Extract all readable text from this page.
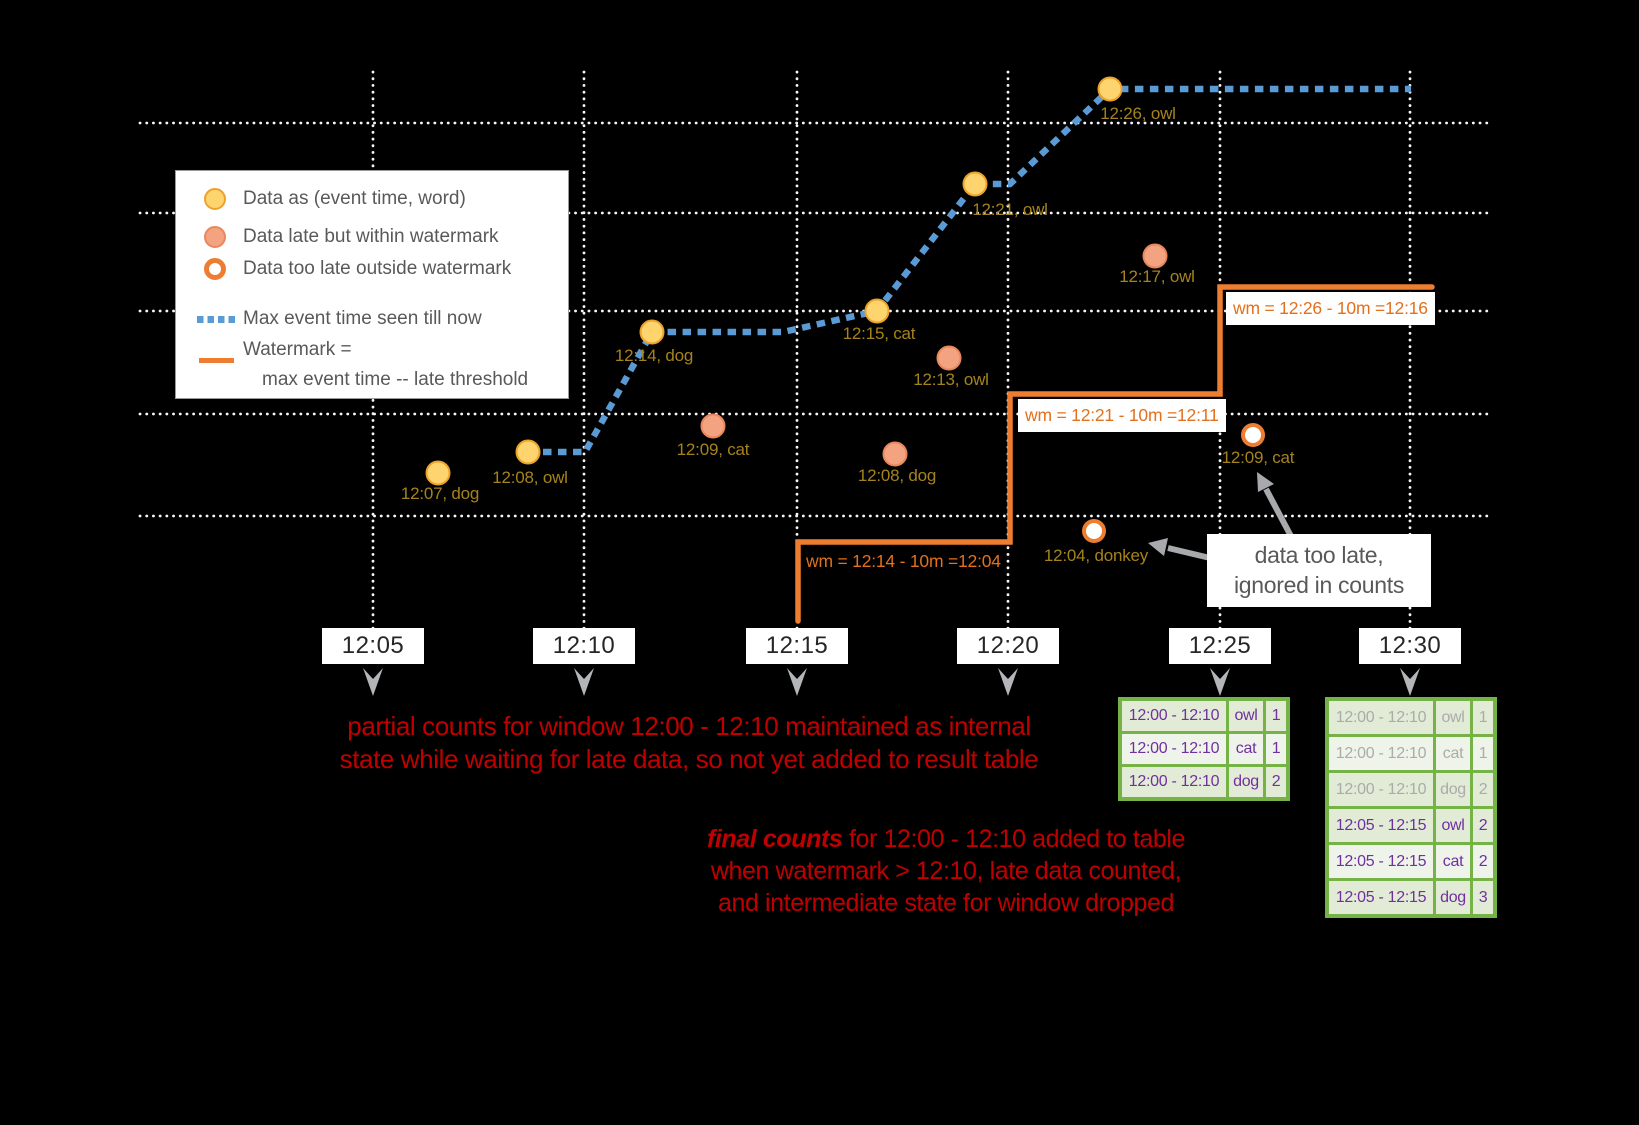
12:07, dog
12:08, owl
12:14, dog
12:15, cat
12:21, owl
12:26, owl
12:09, cat
12:13, owl
12:08, dog
12:17, owl
12:04, donkey
12:09, cat
wm = 12:14 - 10m =12:04
wm = 12:21 - 10m =12:11
wm = 12:26 - 10m =12:16
Data as (event time, word)
Data late but within watermark
Data too late outside watermark
Max event time seen till now
Watermark =
max event time -- late threshold
12:05	12:10	12:15	12:20	12:25	12:30
data too late,
ignored in counts
partial counts for window 12:00 - 12:10 maintained as internal
state while waiting for late data, so not yet added to result table
final counts for 12:00 - 12:10 added to table
when watermark > 12:10, late data counted,
and intermediate state for window dropped
12:00 - 12:10 owl 1
12:00 - 12:10	cat 1
12:00 - 12:10 dog 2
12:00 - 12:10 owl 1
12:00 - 12:10	cat 1
12:00 - 12:10 dog 2
12:05 - 12:15 owl 2
12:05 - 12:15	cat 2
12:05 - 12:15 dog 3
